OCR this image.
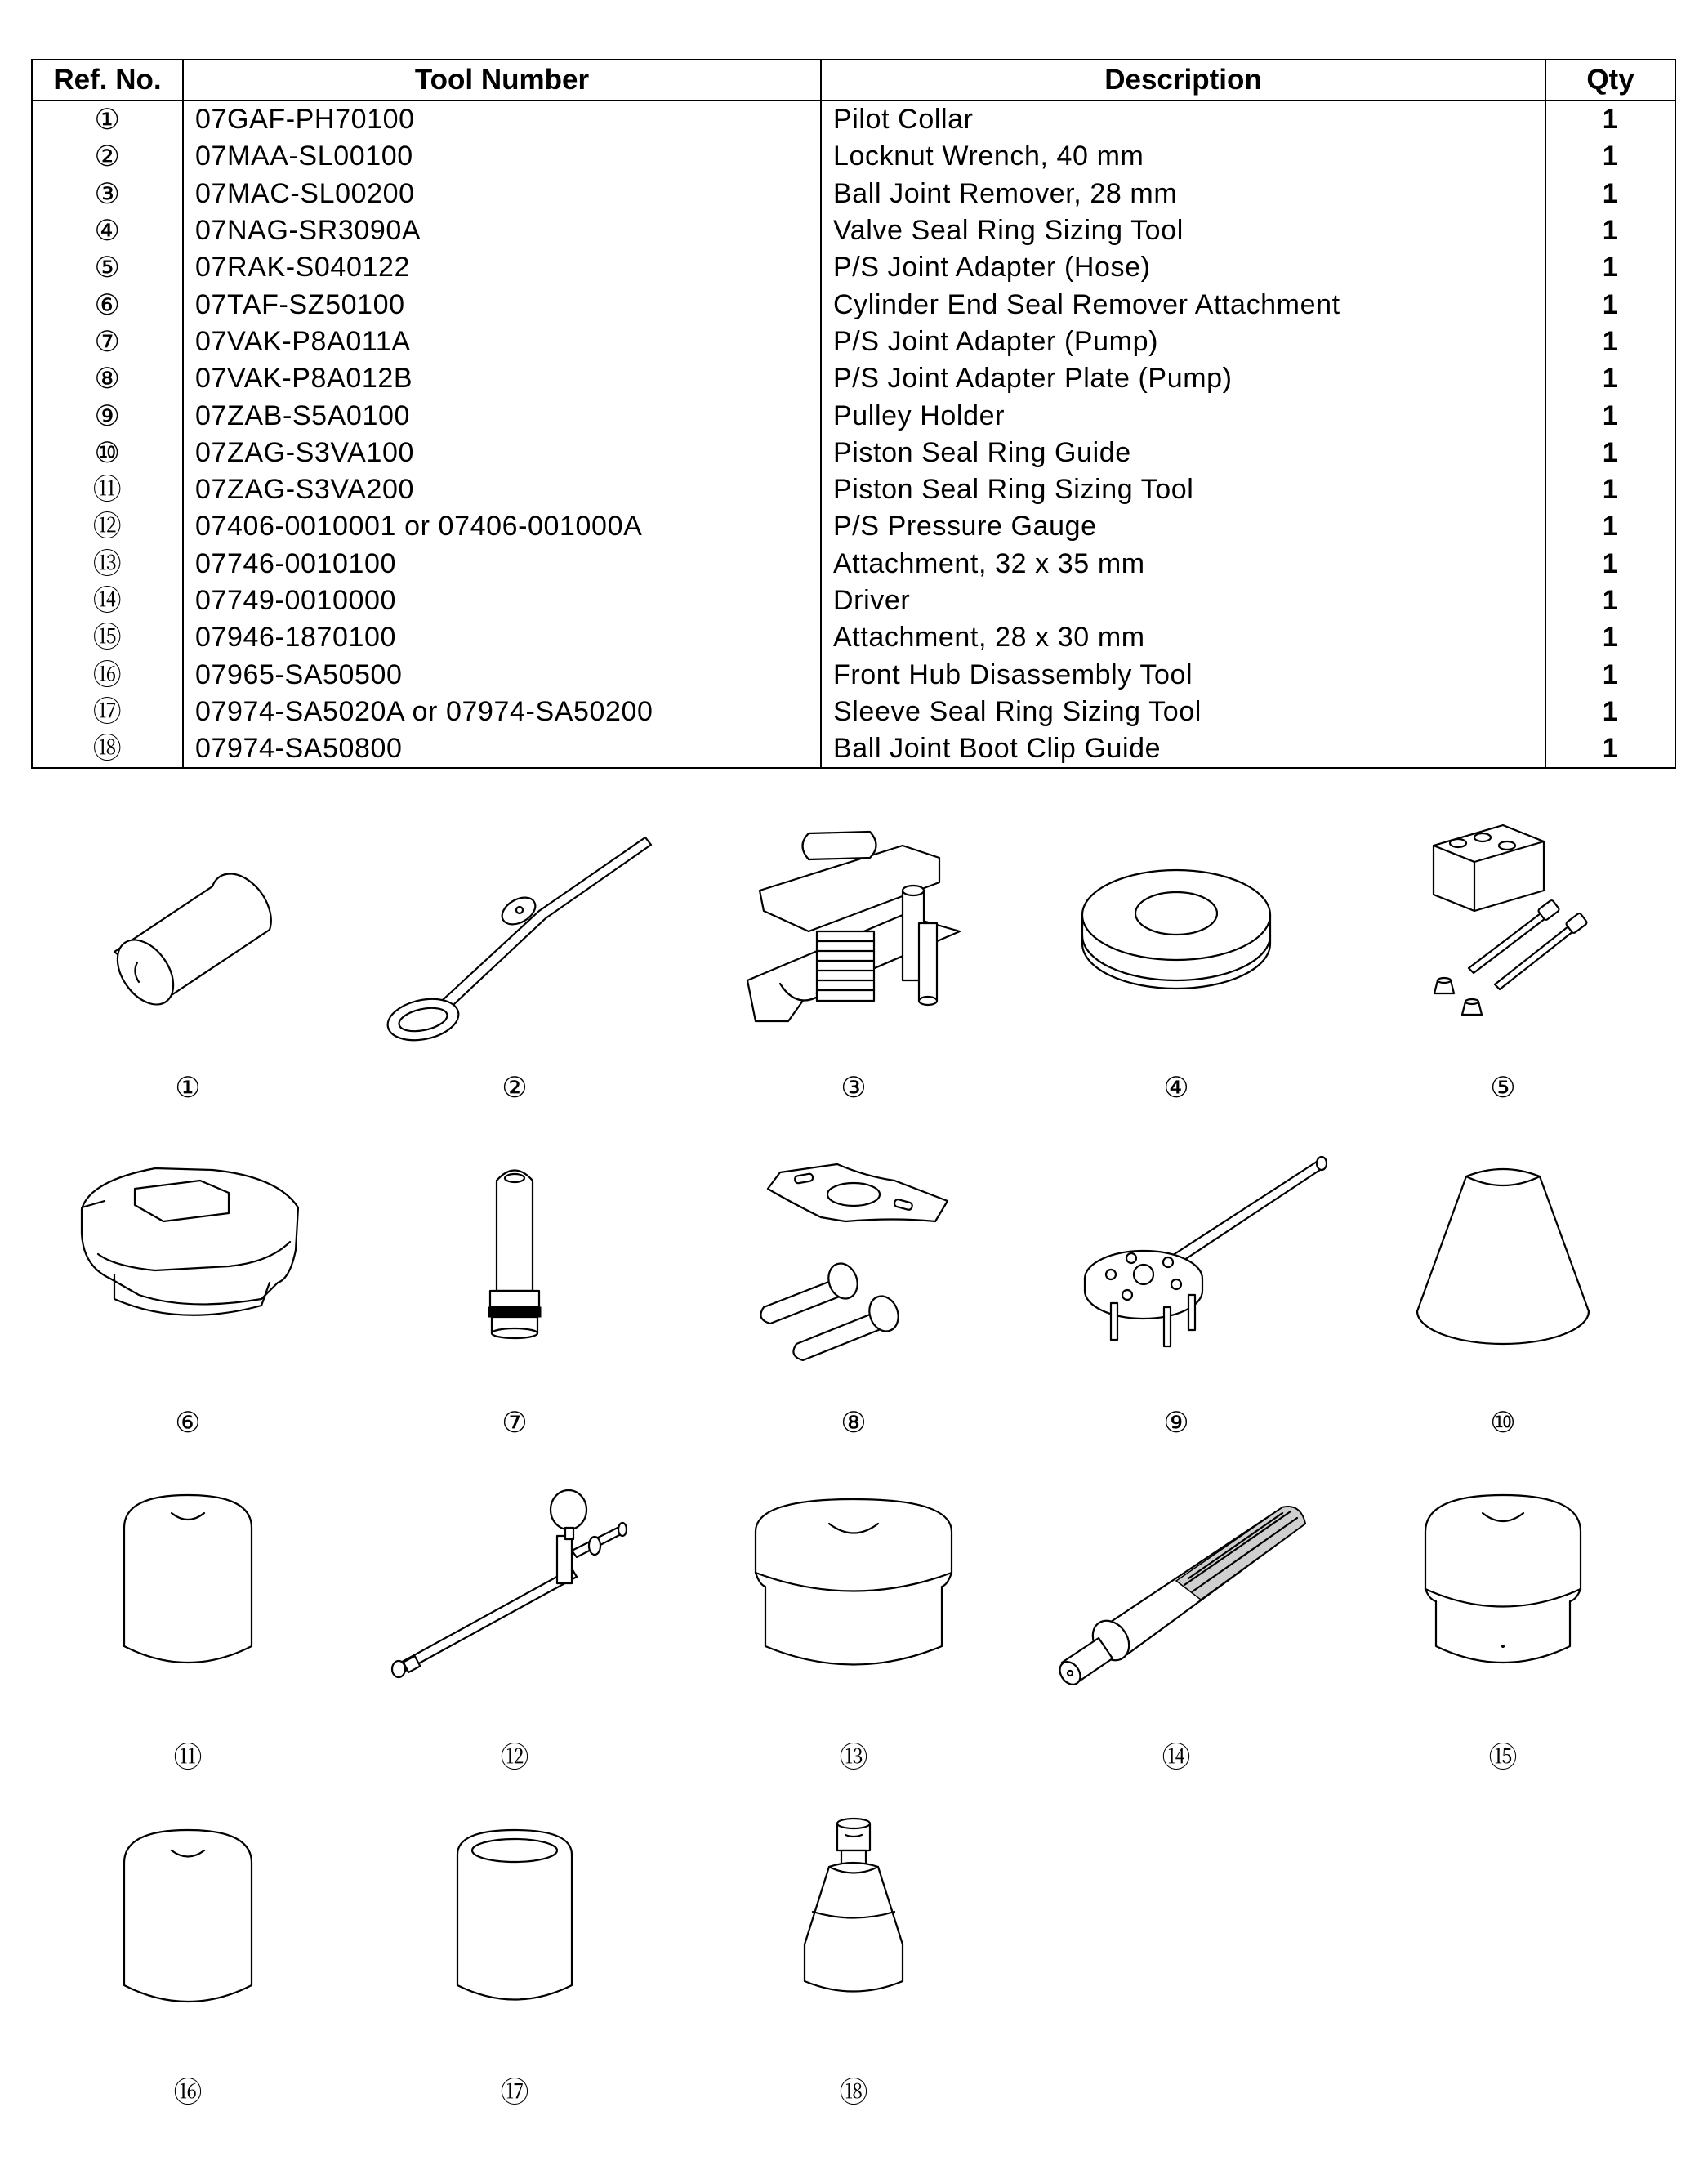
Ref. No.	Tool Number	Description	Qty
①	07GAF-PH70100	Pilot Collar	1
②	07MAA-SL00100	Locknut Wrench, 40 mm	1
③	07MAC-SL00200	Ball Joint Remover, 28 mm	1
④	07NAG-SR3090A	Valve Seal Ring Sizing Tool	1
⑤	07RAK-S040122	P/S Joint Adapter (Hose)	1
⑥	07TAF-SZ50100	Cylinder End Seal Remover Attachment	1
⑦	07VAK-P8A011A	P/S Joint Adapter (Pump)	1
⑧	07VAK-P8A012B	P/S Joint Adapter Plate (Pump)	1
⑨	07ZAB-S5A0100	Pulley Holder	1
⑩	07ZAG-S3VA100	Piston Seal Ring Guide	1
⑪	07ZAG-S3VA200	Piston Seal Ring Sizing Tool	1
⑫	07406-0010001 or 07406-001000A	P/S Pressure Gauge	1
⑬	07746-0010100	Attachment, 32 x 35 mm	1
⑭	07749-0010000	Driver	1
⑮	07946-1870100	Attachment, 28 x 30 mm	1
⑯	07965-SA50500	Front Hub Disassembly Tool	1
⑰	07974-SA5020A or 07974-SA50200	Sleeve Seal Ring Sizing Tool	1
⑱	07974-SA50800	Ball Joint Boot Clip Guide	1
①	②	③	④	⑤
⑥	⑦	⑧	⑨	⑩
⑪	⑫	⑬	⑭	⑮
⑯	⑰	⑱
